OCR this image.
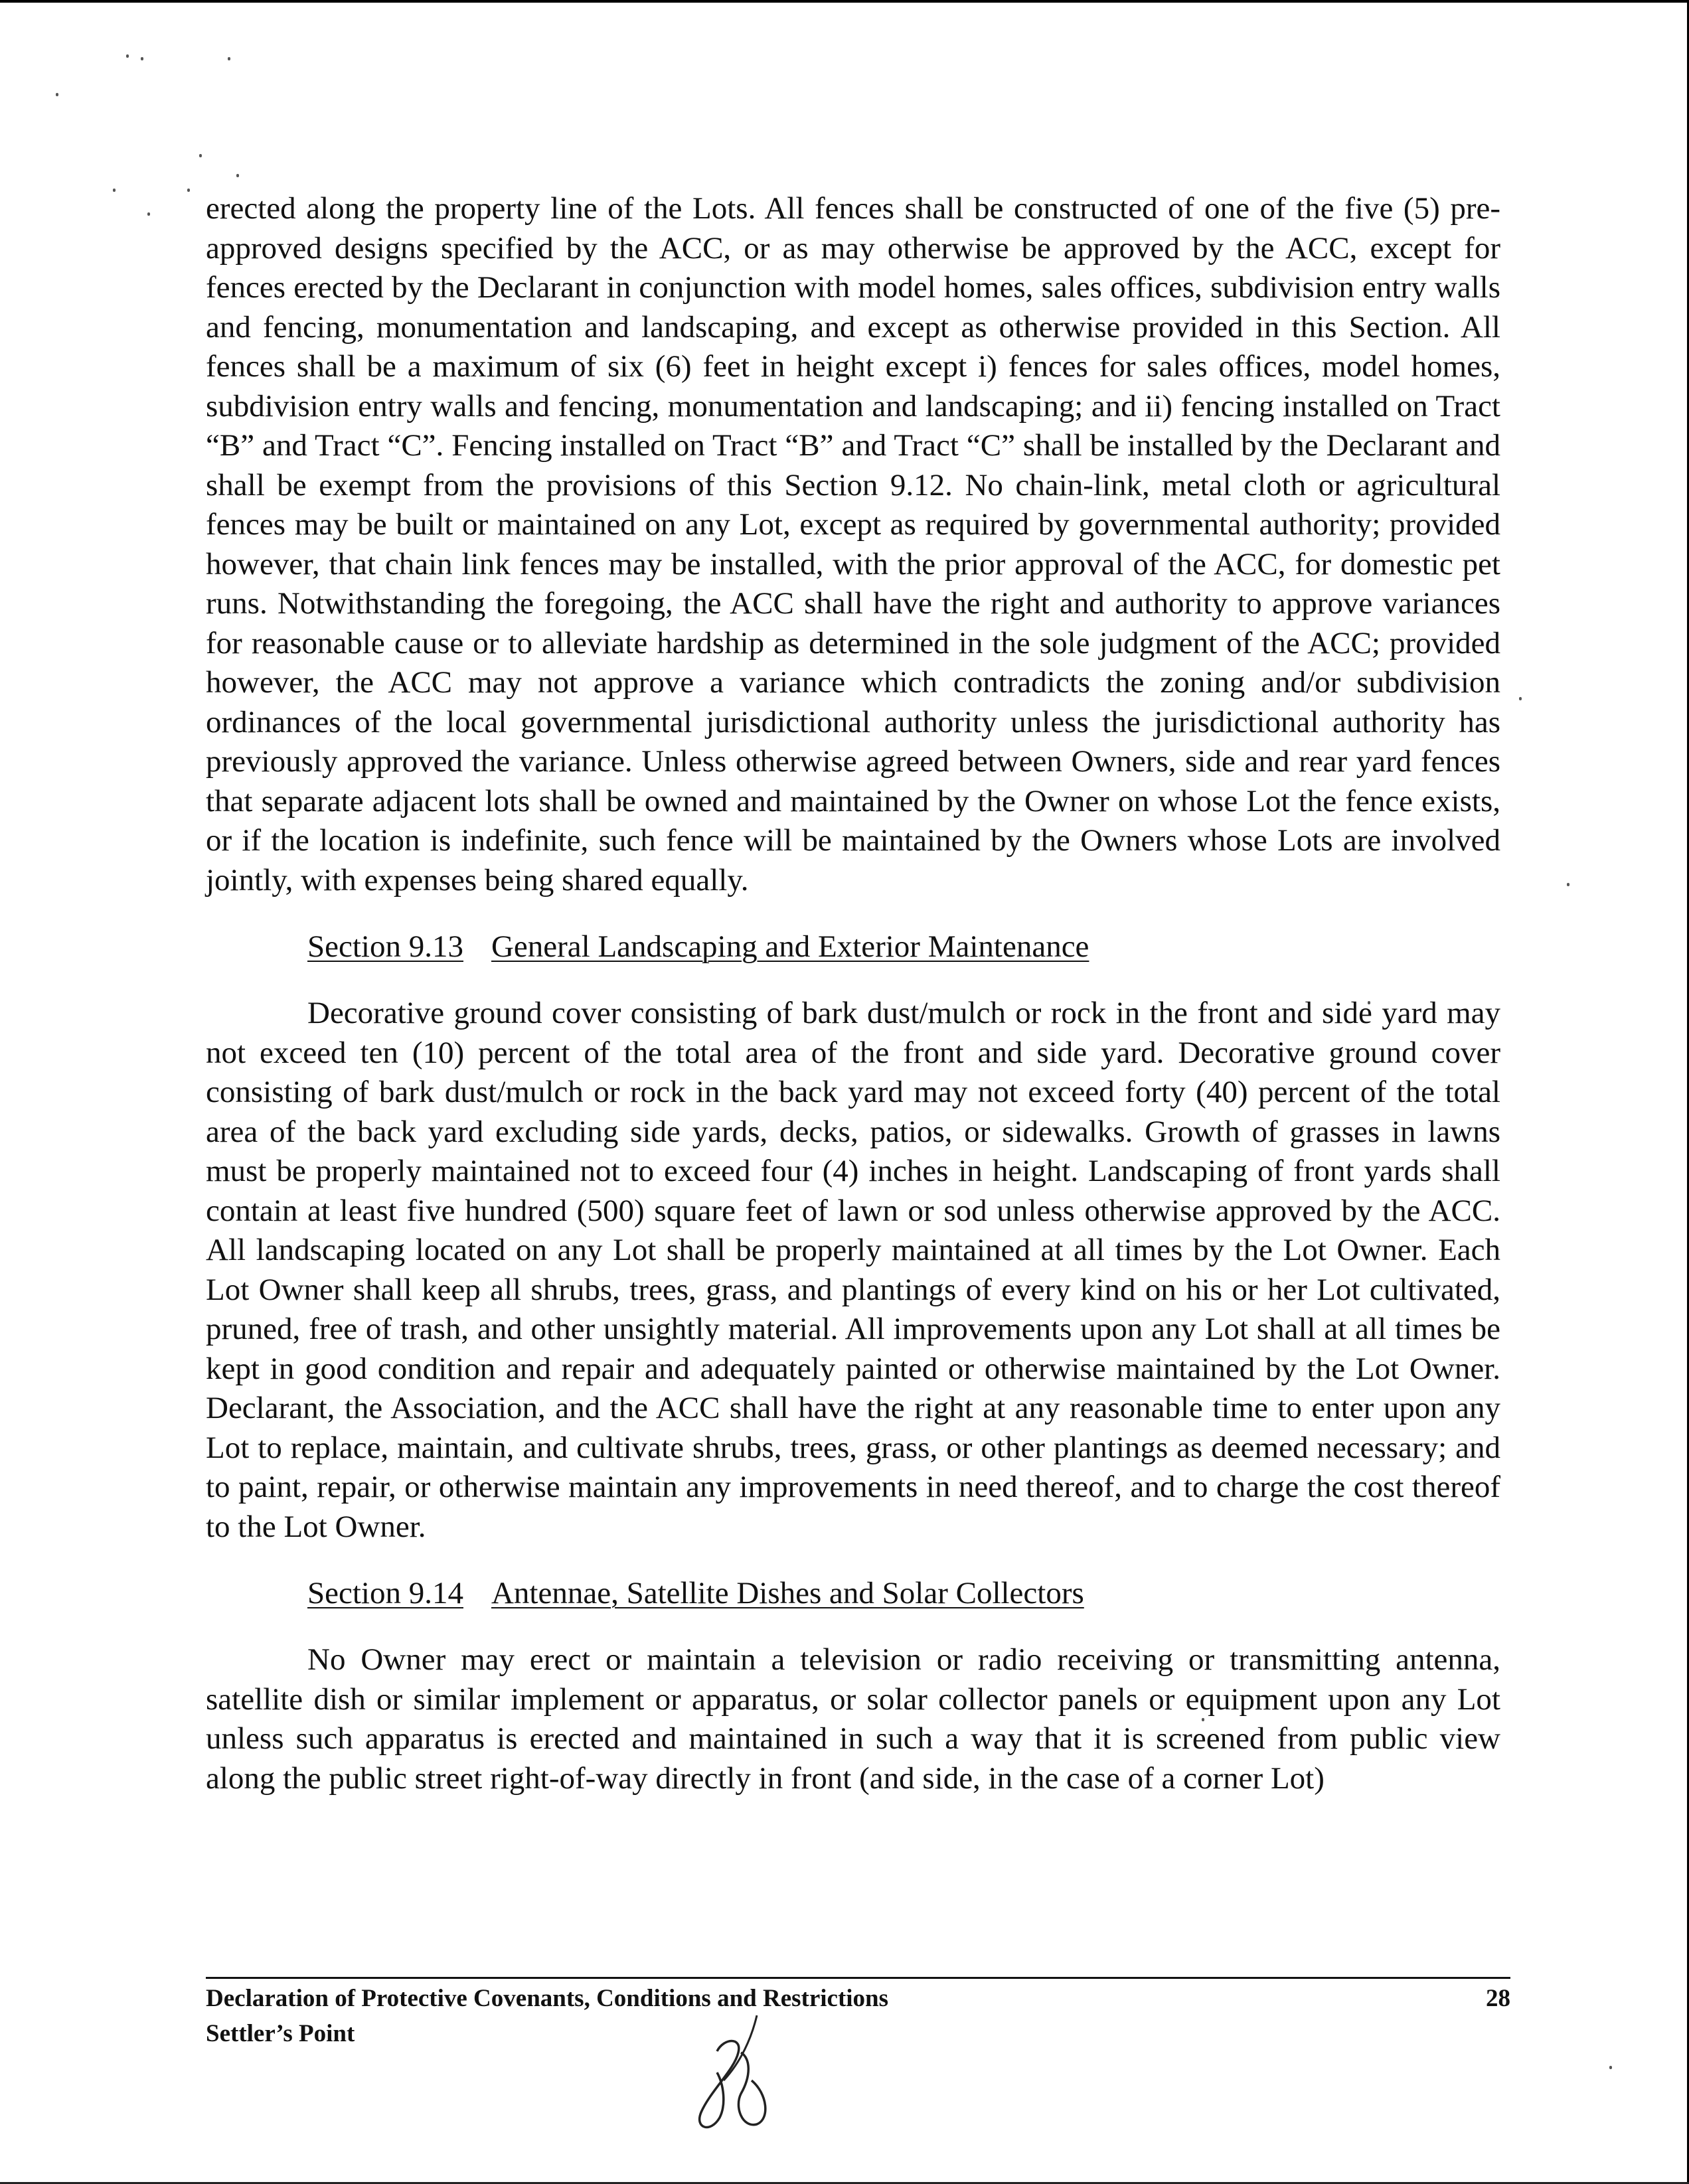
erected along the property line of the Lots. All fences shall be constructed of one of the five (5) pre-approved designs specified by the ACC, or as may otherwise be approved by the ACC, except for fences erected by the Declarant in conjunction with model homes, sales offices, subdivision entry walls and fencing, monumentation and landscaping, and except as otherwise provided in this Section. All fences shall be a maximum of six (6) feet in height except i) fences for sales offices, model homes, subdivision entry walls and fencing, monumentation and landscaping; and ii) fencing installed on Tract “B” and Tract “C”. Fencing installed on Tract “B” and Tract “C” shall be installed by the Declarant and shall be exempt from the provisions of this Section 9.12. No chain-link, metal cloth or agricultural fences may be built or maintained on any Lot, except as required by governmental authority; provided however, that chain link fences may be installed, with the prior approval of the ACC, for domestic pet runs. Notwithstanding the foregoing, the ACC shall have the right and authority to approve variances for reasonable cause or to alleviate hardship as determined in the sole judgment of the ACC; provided however, the ACC may not approve a variance which contradicts the zoning and/or subdivision ordinances of the local governmental jurisdictional authority unless the jurisdictional authority has previously approved the variance. Unless otherwise agreed between Owners, side and rear yard fences that separate adjacent lots shall be owned and maintained by the Owner on whose Lot the fence exists, or if the location is indefinite, such fence will be maintained by the Owners whose Lots are involved jointly, with expenses being shared equally.

Section 9.13 General Landscaping and Exterior Maintenance

Decorative ground cover consisting of bark dust/mulch or rock in the front and side yard may not exceed ten (10) percent of the total area of the front and side yard. Decorative ground cover consisting of bark dust/mulch or rock in the back yard may not exceed forty (40) percent of the total area of the back yard excluding side yards, decks, patios, or sidewalks. Growth of grasses in lawns must be properly maintained not to exceed four (4) inches in height. Landscaping of front yards shall contain at least five hundred (500) square feet of lawn or sod unless otherwise approved by the ACC. All landscaping located on any Lot shall be properly maintained at all times by the Lot Owner. Each Lot Owner shall keep all shrubs, trees, grass, and plantings of every kind on his or her Lot cultivated, pruned, free of trash, and other unsightly material. All improvements upon any Lot shall at all times be kept in good condition and repair and adequately painted or otherwise maintained by the Lot Owner. Declarant, the Association, and the ACC shall have the right at any reasonable time to enter upon any Lot to replace, maintain, and cultivate shrubs, trees, grass, or other plantings as deemed necessary; and to paint, repair, or otherwise maintain any improvements in need thereof, and to charge the cost thereof to the Lot Owner.

Section 9.14 Antennae, Satellite Dishes and Solar Collectors

No Owner may erect or maintain a television or radio receiving or transmitting antenna, satellite dish or similar implement or apparatus, or solar collector panels or equipment upon any Lot unless such apparatus is erected and maintained in such a way that it is screened from public view along the public street right-of-way directly in front (and side, in the case of a corner Lot)

Declaration of Protective Covenants, Conditions and Restrictions
Settler’s Point
28
